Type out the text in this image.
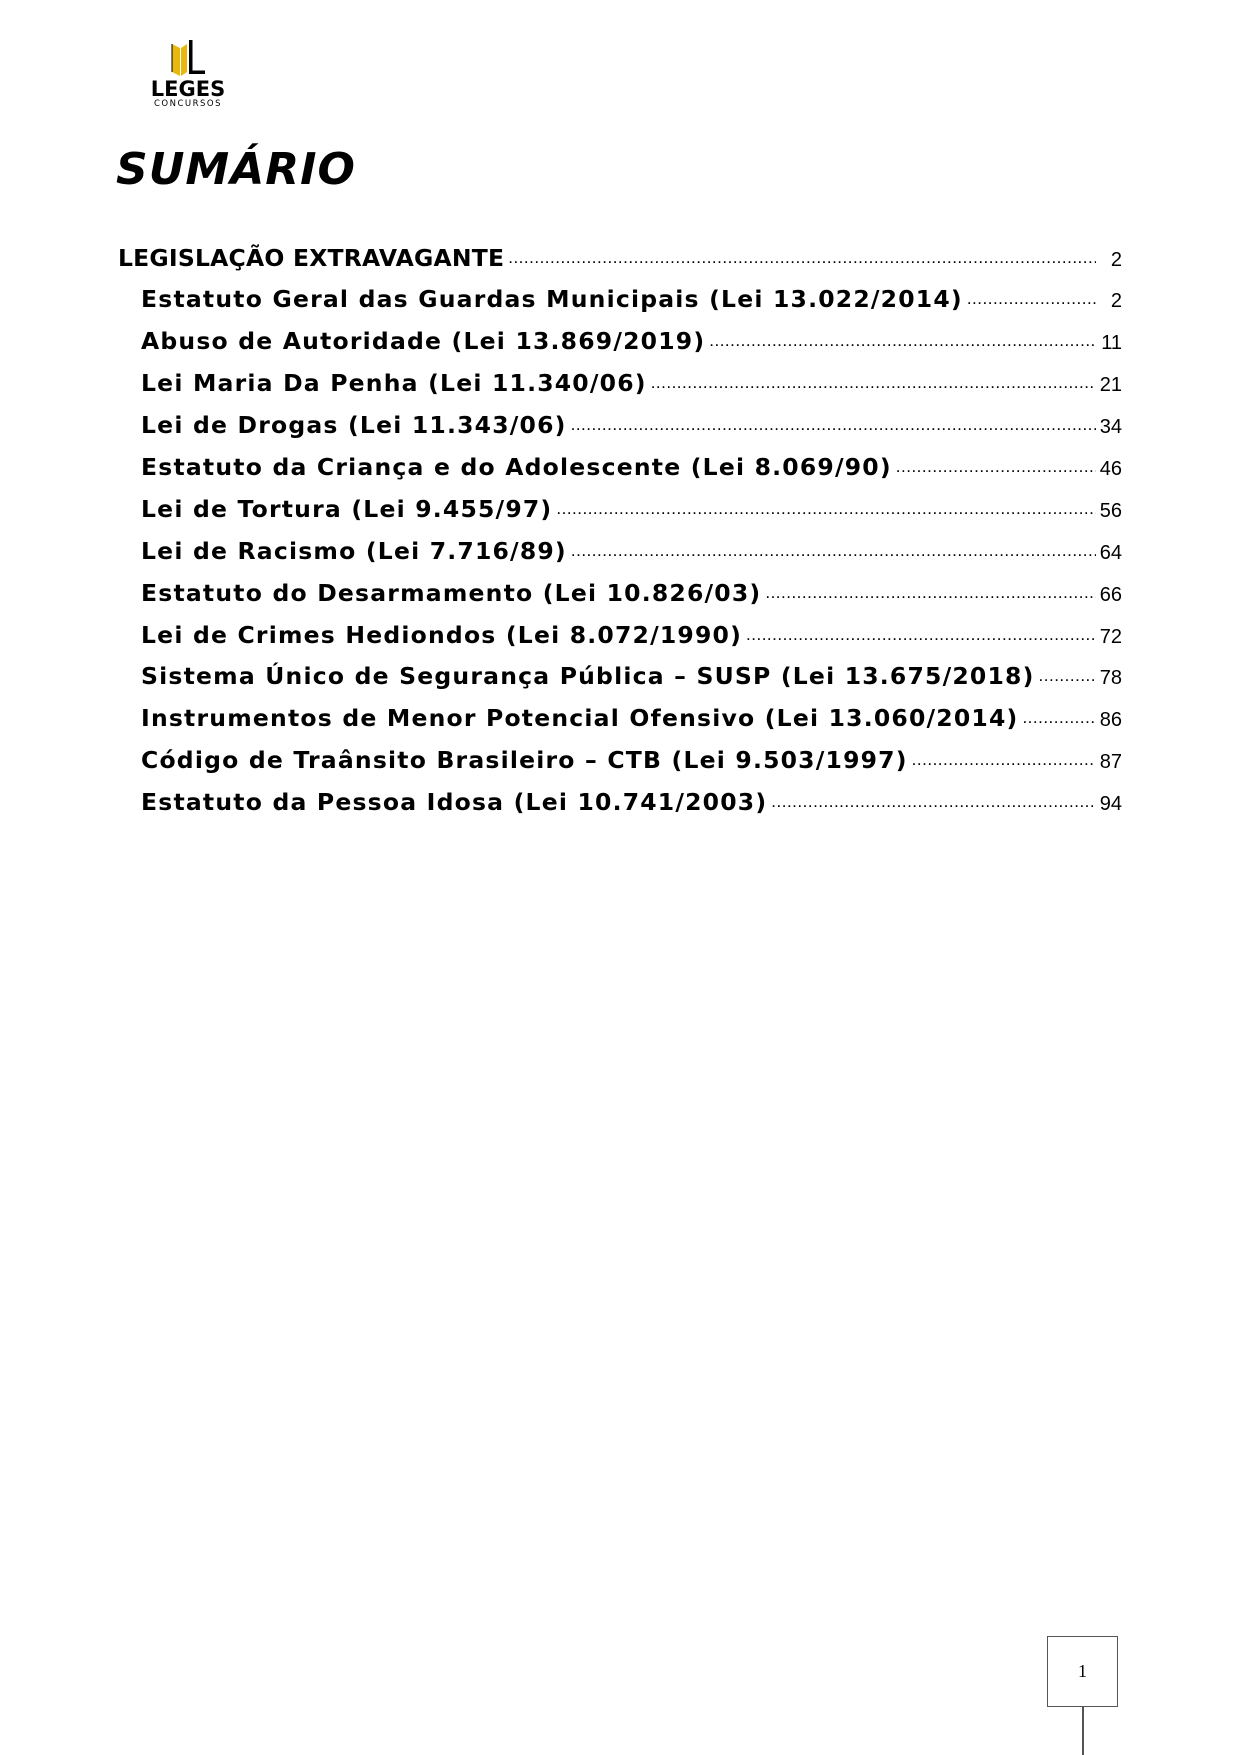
LEGES
CONCURSOS
SUMÁRIO
LEGISLAÇÃO EXTRAVAGANTE .....	2
Estatuto Geral das Guardas Municipais (Lei 13.022/2014) .....	2
Abuso de Autoridade (Lei 13.869/2019) .....	11
Lei Maria Da Penha (Lei 11.340/06) .....	21
Lei de Drogas (Lei 11.343/06) .....	34
Estatuto da Criança e do Adolescente (Lei 8.069/90) .....	46
Lei de Tortura (Lei 9.455/97) .....	56
Lei de Racismo (Lei 7.716/89) .....	64
Estatuto do Desarmamento (Lei 10.826/03) .....	66
Lei de Crimes Hediondos (Lei 8.072/1990) .....	72
Sistema Único de Segurança Pública – SUSP (Lei 13.675/2018) .....	78
Instrumentos de Menor Potencial Ofensivo (Lei 13.060/2014) .....	86
Código de Traânsito Brasileiro – CTB (Lei 9.503/1997) .....	87
Estatuto da Pessoa Idosa (Lei 10.741/2003) .....	94
1
